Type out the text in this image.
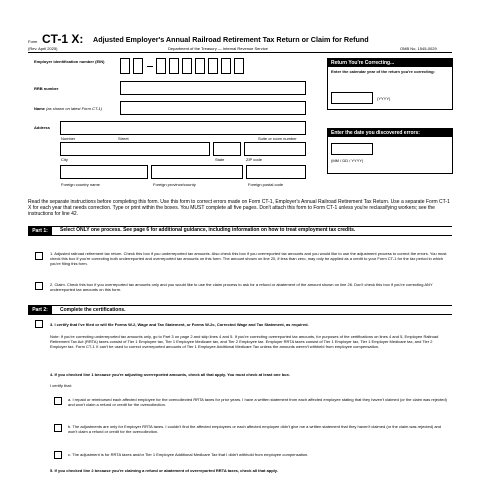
Form CT-1 X: Adjusted Employer's Annual Railroad Retirement Tax Return or Claim for Refund
(Rev. April 2025)	Department of the Treasury — Internal Revenue Service	OMB No. 1545-0029
Employer identification number (EIN)
RRB number
Name (as shown on latest Form CT-1)
Address
Number	Street	Suite or room number
City	State	ZIP code
Foreign country name	Foreign province/county	Foreign postal code
Return You're Correcting...
Enter the calendar year of the return you're correcting:
(YYYY)
Enter the date you discovered errors:
(MM / DD / YYYY)
Read the separate instructions before completing this form. Use this form to correct errors made on Form CT-1, Employer's Annual Railroad Retirement Tax Return. Use a separate Form CT-1 X for each year that needs correction. Type or print within the boxes. You MUST complete all five pages. Don't attach this form to Form CT-1 unless you're reclassifying workers; see the instructions for line 42.
Part 1:	Select ONLY one process. See page 6 for additional guidance, including information on how to treat employment tax credits.
1. Adjusted railroad retirement tax return. Check this box if you underreported tax amounts. Also check this box if you overreported tax amounts and you would like to use the adjustment process to correct the errors. You must check this box if you're correcting both underreported and overreported tax amounts on this form. The amount shown on line 20, if less than zero, may only be applied as a credit to your Form CT-1 for the tax period in which you're filing this form.
2. Claim. Check this box if you overreported tax amounts only and you would like to use the claim process to ask for a refund or abatement of the amount shown on line 26. Don't check this box if you're correcting ANY underreported tax amounts on this form.
Part 2:	Complete the certifications.
3. I certify that I've filed or will file Forms W-2, Wage and Tax Statement, or Forms W-2c, Corrected Wage and Tax Statement, as required.
Note: If you're correcting underreported tax amounts only, go to Part 3 on page 2 and skip lines 4 and 5. If you're correcting overreported tax amounts, for purposes of the certifications on lines 4 and 5, Employee Railroad Retirement Tax Act (RRTA) taxes consist of Tier 1 Employee tax, Tier 1 Employee Medicare tax, and Tier 2 Employee tax. Employer RRTA taxes consist of Tier 1 Employer tax, Tier 1 Employer Medicare tax, and Tier 2 Employer tax. Form CT-1 X can't be used to correct overreported amounts of Tier 1 Employee Additional Medicare Tax unless the amounts weren't withheld from employee compensation.
4. If you checked line 1 because you're adjusting overreported amounts, check all that apply. You must check at least one box.
I certify that:
a. I repaid or reimbursed each affected employee for the overcollected RRTA taxes for prior years. I have a written statement from each affected employee stating that they haven't claimed (or the claim was rejected) and won't claim a refund or credit for the overcollection.
b. The adjustments are only for Employer RRTA taxes. I couldn't find the affected employees or each affected employee didn't give me a written statement that they haven't claimed (or the claim was rejected) and won't claim a refund or credit for the overcollection.
c. The adjustment is for RRTA taxes and/or Tier 1 Employee Additional Medicare Tax that I didn't withhold from employee compensation.
5. If you checked line 2 because you're claiming a refund or abatement of overreported RRTA taxes, check all that apply.
